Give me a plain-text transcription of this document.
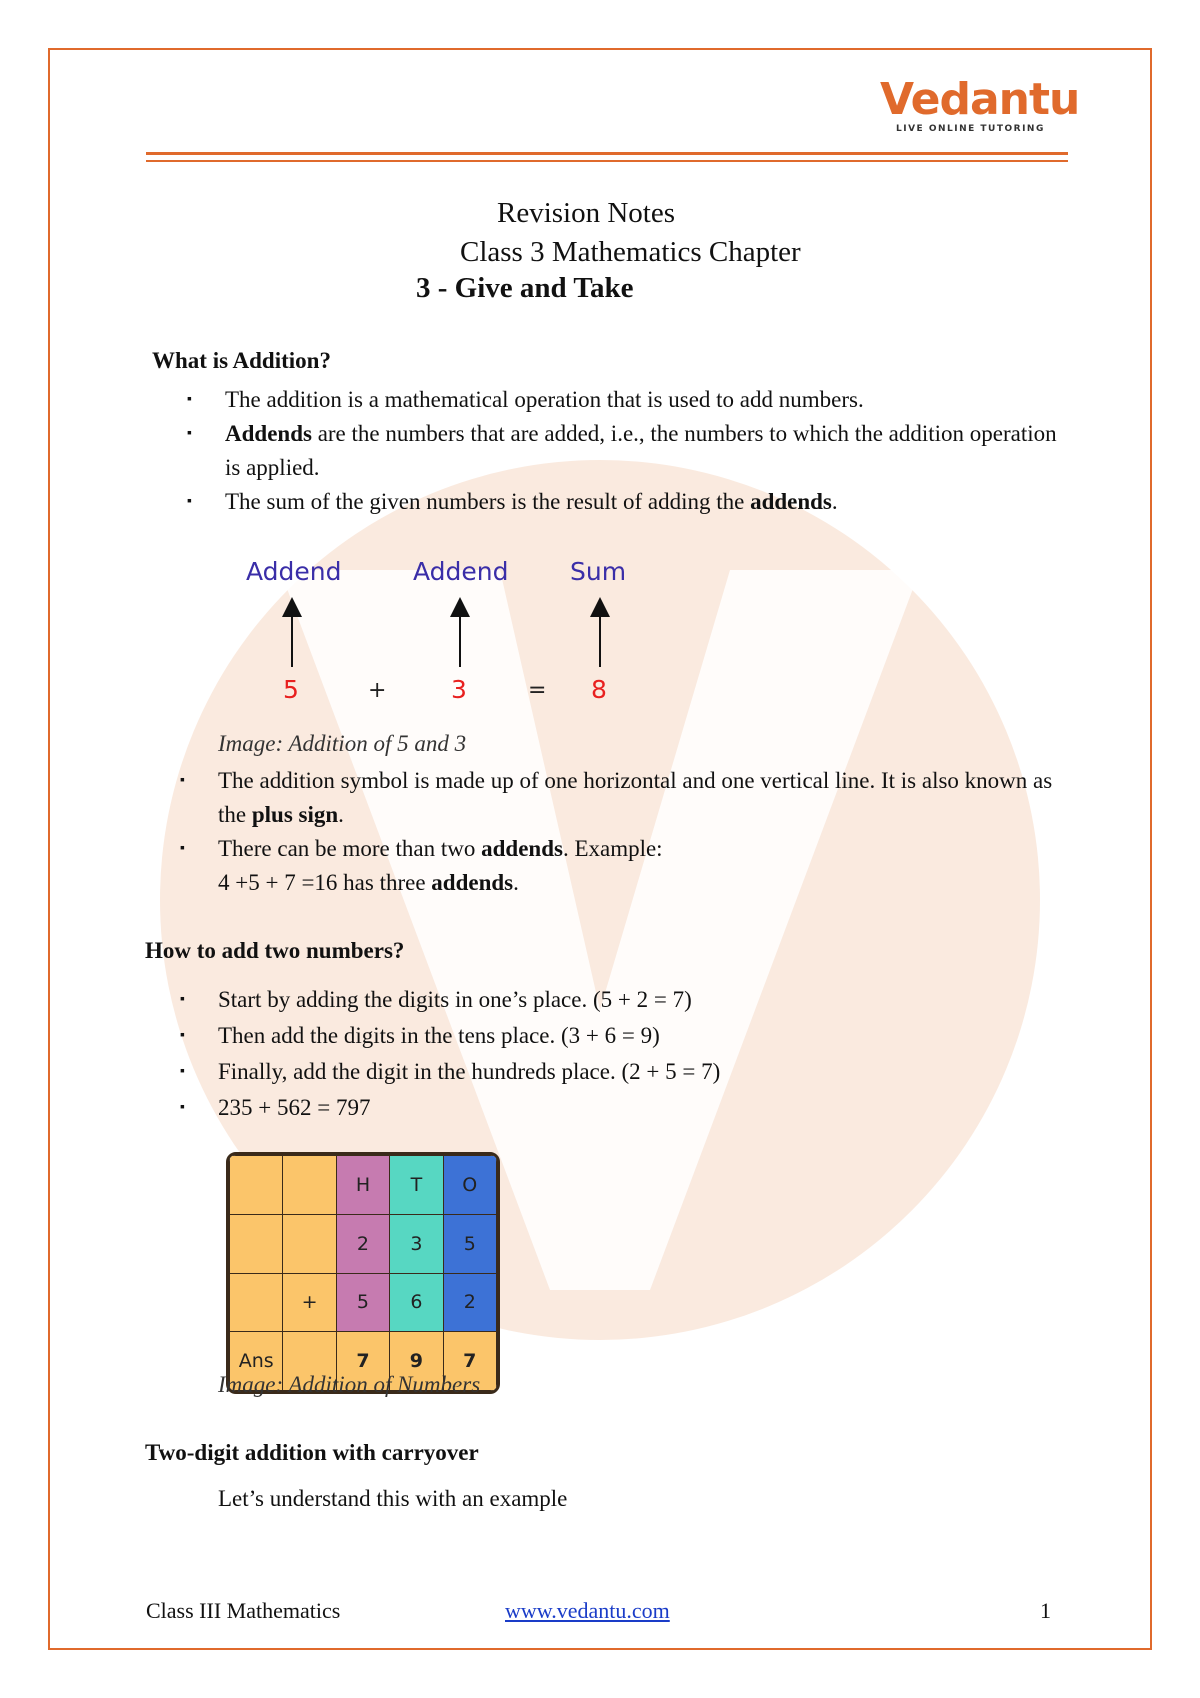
Vedantu
LIVE ONLINE TUTORING
Revision Notes
Class 3 Mathematics Chapter
3 - Give and Take
What is Addition?
▪ The addition is a mathematical operation that is used to add numbers.
▪ Addends are the numbers that are added, i.e., the numbers to which the addition operation is applied.
▪ The sum of the given numbers is the result of adding the addends.
Addend	Addend Sum
5	+	3	= 8
Image: Addition of 5 and 3
▪ The addition symbol is made up of one horizontal and one vertical line. It is also known as the plus sign.
▪ There can be more than two addends. Example:
4 +5 + 7 =16 has three addends.
How to add two numbers?
▪ Start by adding the digits in one’s place. (5 + 2 = 7)
▪ Then add the digits in the tens place. (3 + 6 = 9)
▪ Finally, add the digit in the hundreds place. (2 + 5 = 7)
▪ 235 + 562 = 797
		H	T	O
		2	3	5
	+	5	6	2
Ans		7	9	7
Image: Addition of Numbers
Two-digit addition with carryover
Let’s understand this with an example
Class III Mathematics	www.vedantu.com	1
